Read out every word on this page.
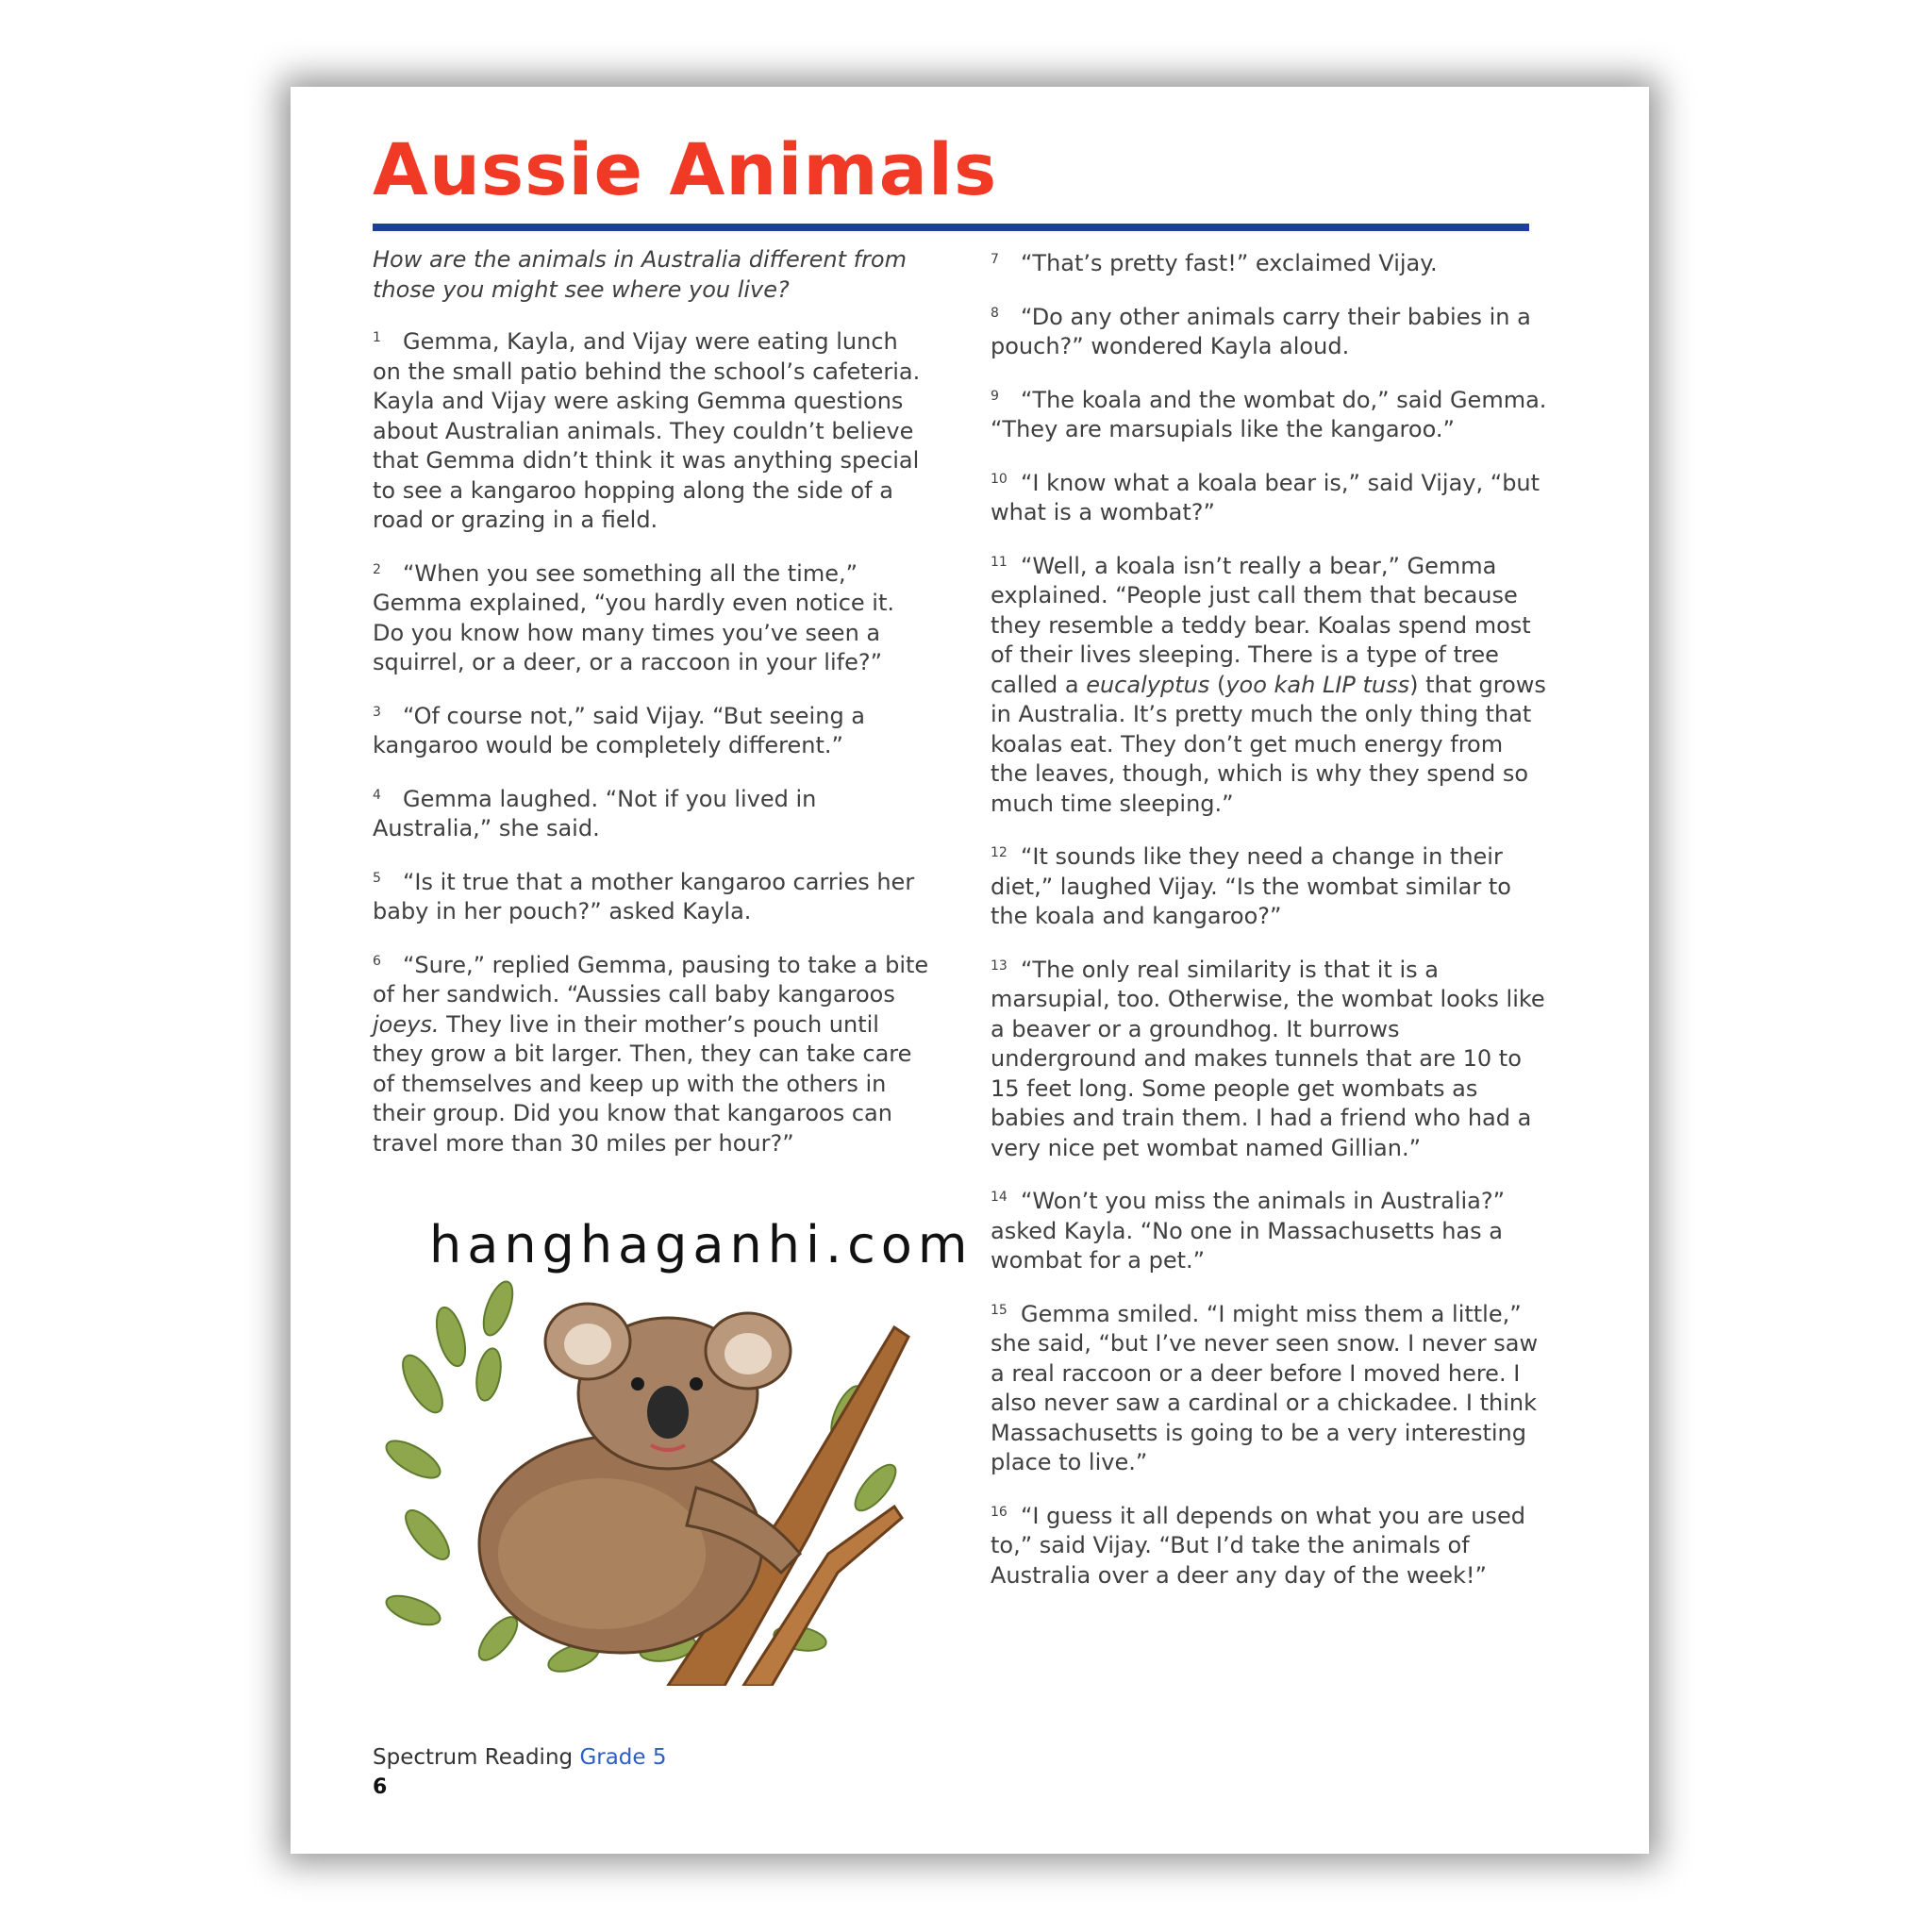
Aussie Animals

How are the animals in Australia different from those you might see where you live?

1 Gemma, Kayla, and Vijay were eating lunch on the small patio behind the school’s cafeteria. Kayla and Vijay were asking Gemma questions about Australian animals. They couldn’t believe that Gemma didn’t think it was anything special to see a kangaroo hopping along the side of a road or grazing in a field.

2 “When you see something all the time,” Gemma explained, “you hardly even notice it. Do you know how many times you’ve seen a squirrel, or a deer, or a raccoon in your life?”

3 “Of course not,” said Vijay. “But seeing a kangaroo would be completely different.”

4 Gemma laughed. “Not if you lived in Australia,” she said.

5 “Is it true that a mother kangaroo carries her baby in her pouch?” asked Kayla.

6 “Sure,” replied Gemma, pausing to take a bite of her sandwich. “Aussies call baby kangaroos joeys. They live in their mother’s pouch until they grow a bit larger. Then, they can take care of themselves and keep up with the others in their group. Did you know that kangaroos can travel more than 30 miles per hour?”

hanghaganhi.com

7 “That’s pretty fast!” exclaimed Vijay.

8 “Do any other animals carry their babies in a pouch?” wondered Kayla aloud.

9 “The koala and the wombat do,” said Gemma. “They are marsupials like the kangaroo.”

10 “I know what a koala bear is,” said Vijay, “but what is a wombat?”

11 “Well, a koala isn’t really a bear,” Gemma explained. “People just call them that because they resemble a teddy bear. Koalas spend most of their lives sleeping. There is a type of tree called a eucalyptus (yoo kah LIP tuss) that grows in Australia. It’s pretty much the only thing that koalas eat. They don’t get much energy from the leaves, though, which is why they spend so much time sleeping.”

12 “It sounds like they need a change in their diet,” laughed Vijay. “Is the wombat similar to the koala and kangaroo?”

13 “The only real similarity is that it is a marsupial, too. Otherwise, the wombat looks like a beaver or a groundhog. It burrows underground and makes tunnels that are 10 to 15 feet long. Some people get wombats as babies and train them. I had a friend who had a very nice pet wombat named Gillian.”

14 “Won’t you miss the animals in Australia?” asked Kayla. “No one in Massachusetts has a wombat for a pet.”

15 Gemma smiled. “I might miss them a little,” she said, “but I’ve never seen snow. I never saw a real raccoon or a deer before I moved here. I also never saw a cardinal or a chickadee. I think Massachusetts is going to be a very interesting place to live.”

16 “I guess it all depends on what you are used to,” said Vijay. “But I’d take the animals of Australia over a deer any day of the week!”

Spectrum Reading Grade 5
6
